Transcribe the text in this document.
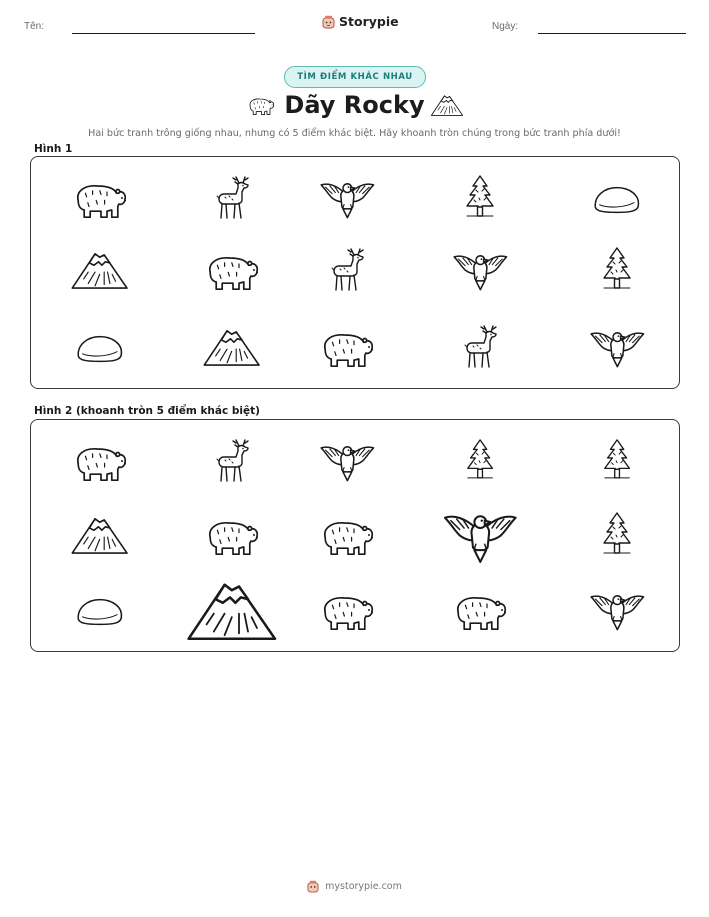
Tên:	Storypie	Ngày:
TÌM ĐIỂM KHÁC NHAU
Dãy Rocky
Hai bức tranh trông giống nhau, nhưng có 5 điểm khác biệt. Hãy khoanh tròn chúng trong bức tranh phía dưới!
Hình 1
Hình 2 (khoanh tròn 5 điểm khác biệt)
mystorypie.com
